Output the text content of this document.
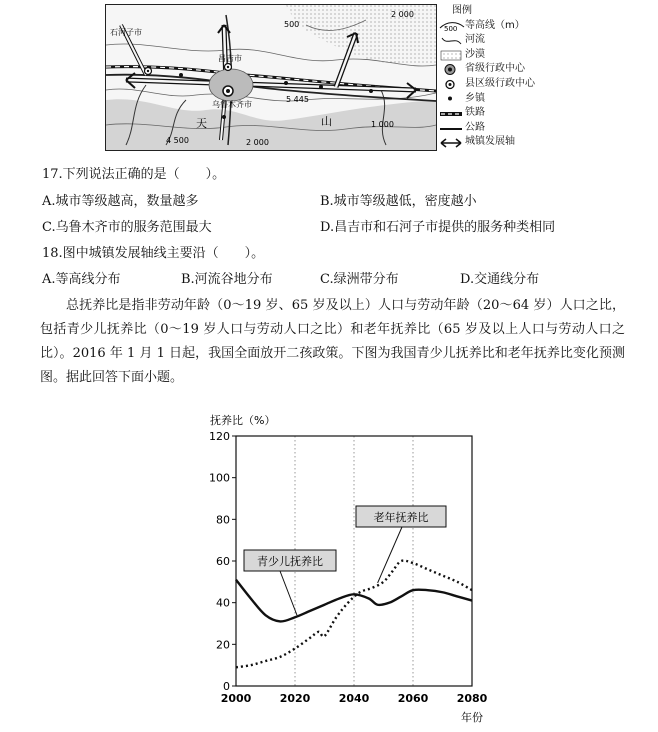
石河子市
昌吉市
乌鲁木齐市
500
2 000
1 000
2 000
4 500
5 445
天	山
图例
500 等高线（m）
河流
沙漠
省级行政中心
县区级行政中心
乡镇
铁路
公路
城镇发展轴
17.下列说法正确的是（　　）。
A.城市等级越高，数量越多	B.城市等级越低，密度越小
C.乌鲁木齐市的服务范围最大	D.昌吉市和石河子市提供的服务种类相同
18.图中城镇发展轴线主要沿（　　）。
A.等高线分布	B.河流谷地分布	C.绿洲带分布	D.交通线分布
总抚养比是指非劳动年龄（0～19 岁、65 岁及以上）人口与劳动年龄（20～64 岁）人口之比，包括青少儿抚养比（0～19 岁人口与劳动人口之比）和老年抚养比（65 岁及以上人口与劳动人口之比）。2016 年 1 月 1 日起，我国全面放开二孩政策。下图为我国青少儿抚养比和老年抚养比变化预测图。据此回答下面小题。
抚养比（%）
年份
2000	2020	2040	2060	2080
0
20
40
60
80
100
120
青少儿抚养比
老年抚养比
